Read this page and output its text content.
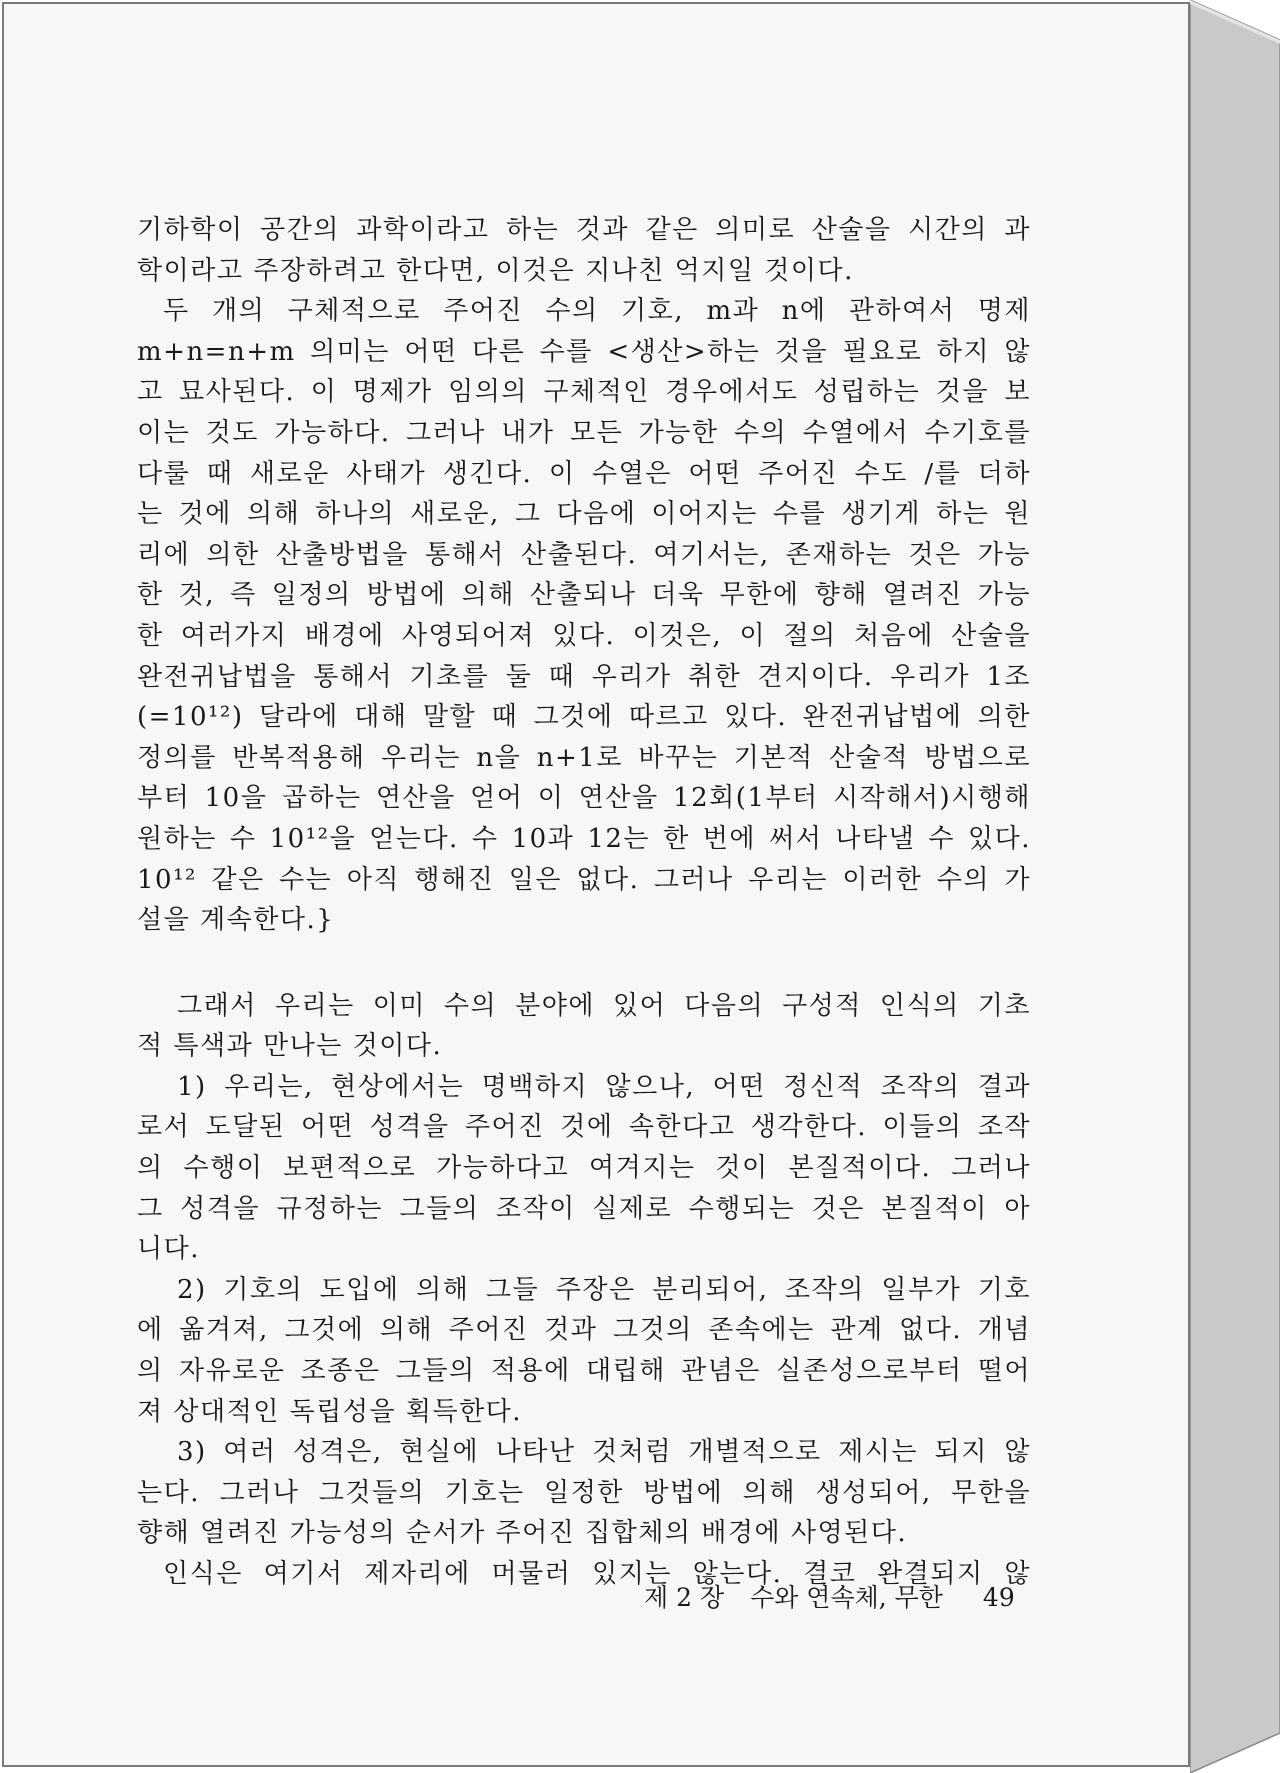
기하학이 공간의 과학이라고 하는 것과 같은 의미로 산술을 시간의 과
학이라고 주장하려고 한다면, 이것은 지나친 억지일 것이다.
두 개의 구체적으로 주어진 수의 기호, m과 n에 관하여서 명제
m+n=n+m 의미는 어떤 다른 수를 <생산>하는 것을 필요로 하지 않
고 묘사된다. 이 명제가 임의의 구체적인 경우에서도 성립하는 것을 보
이는 것도 가능하다. 그러나 내가 모든 가능한 수의 수열에서 수기호를
다룰 때 새로운 사태가 생긴다. 이 수열은 어떤 주어진 수도 /를 더하
는 것에 의해 하나의 새로운, 그 다음에 이어지는 수를 생기게 하는 원
리에 의한 산출방법을 통해서 산출된다. 여기서는, 존재하는 것은 가능
한 것, 즉 일정의 방법에 의해 산출되나 더욱 무한에 향해 열려진 가능
한 여러가지 배경에 사영되어져 있다. 이것은, 이 절의 처음에 산술을
완전귀납법을 통해서 기초를 둘 때 우리가 취한 견지이다. 우리가 1조
(=10¹²) 달라에 대해 말할 때 그것에 따르고 있다. 완전귀납법에 의한
정의를 반복적용해 우리는 n을 n+1로 바꾸는 기본적 산술적 방법으로
부터 10을 곱하는 연산을 얻어 이 연산을 12회(1부터 시작해서)시행해
원하는 수 10¹²을 얻는다. 수 10과 12는 한 번에 써서 나타낼 수 있다.
10¹² 같은 수는 아직 행해진 일은 없다. 그러나 우리는 이러한 수의 가
설을 계속한다.}
그래서 우리는 이미 수의 분야에 있어 다음의 구성적 인식의 기초
적 특색과 만나는 것이다.
1) 우리는, 현상에서는 명백하지 않으나, 어떤 정신적 조작의 결과
로서 도달된 어떤 성격을 주어진 것에 속한다고 생각한다. 이들의 조작
의 수행이 보편적으로 가능하다고 여겨지는 것이 본질적이다. 그러나
그 성격을 규정하는 그들의 조작이 실제로 수행되는 것은 본질적이 아
니다.
2) 기호의 도입에 의해 그들 주장은 분리되어, 조작의 일부가 기호
에 옮겨져, 그것에 의해 주어진 것과 그것의 존속에는 관계 없다. 개념
의 자유로운 조종은 그들의 적용에 대립해 관념은 실존성으로부터 떨어
져 상대적인 독립성을 획득한다.
3) 여러 성격은, 현실에 나타난 것처럼 개별적으로 제시는 되지 않
는다. 그러나 그것들의 기호는 일정한 방법에 의해 생성되어, 무한을
향해 열려진 가능성의 순서가 주어진 집합체의 배경에 사영된다.
인식은 여기서 제자리에 머물러 있지는 않는다. 결코 완결되지 않
제 2 장 수와 연속체, 무한 49
